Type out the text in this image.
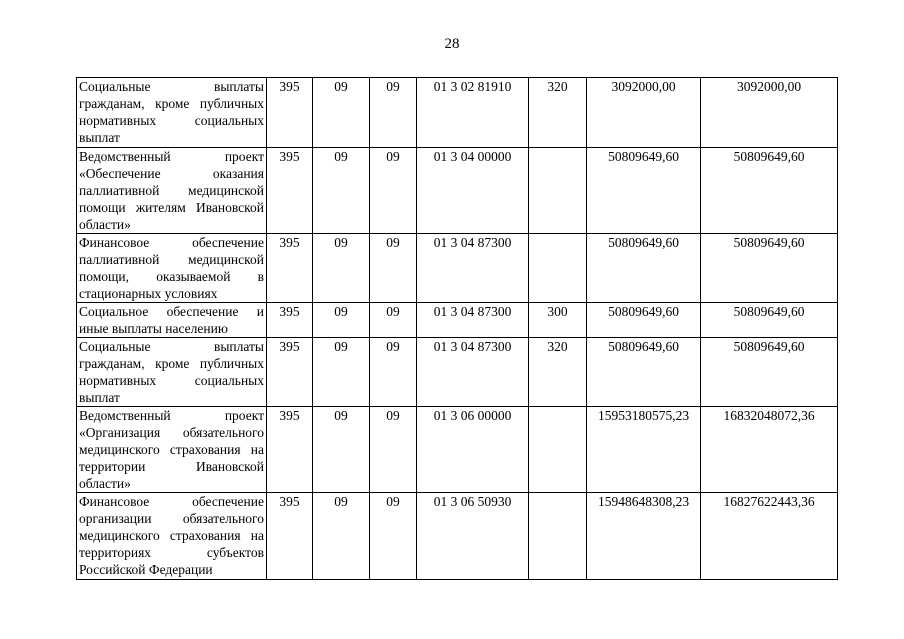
28
Социальные выплаты гражданам, кроме публичных нормативных социальных выплат	395	09	09	01 3 02 81910	320	3092000,00	3092000,00
Ведомственный проект «Обеспечение оказания паллиативной медицинской помощи жителям Ивановской области»	395	09	09	01 3 04 00000		50809649,60	50809649,60
Финансовое обеспечение паллиативной медицинской помощи, оказываемой в стационарных условиях	395	09	09	01 3 04 87300		50809649,60	50809649,60
Социальное обеспечение и иные выплаты населению	395	09	09	01 3 04 87300	300	50809649,60	50809649,60
Социальные выплаты гражданам, кроме публичных нормативных социальных выплат	395	09	09	01 3 04 87300	320	50809649,60	50809649,60
Ведомственный проект «Организация обязательного медицинского страхования на территории Ивановской области»	395	09	09	01 3 06 00000		15953180575,23	16832048072,36
Финансовое обеспечение организации обязательного медицинского страхования на территориях субъектов Российской Федерации	395	09	09	01 3 06 50930		15948648308,23	16827622443,36
